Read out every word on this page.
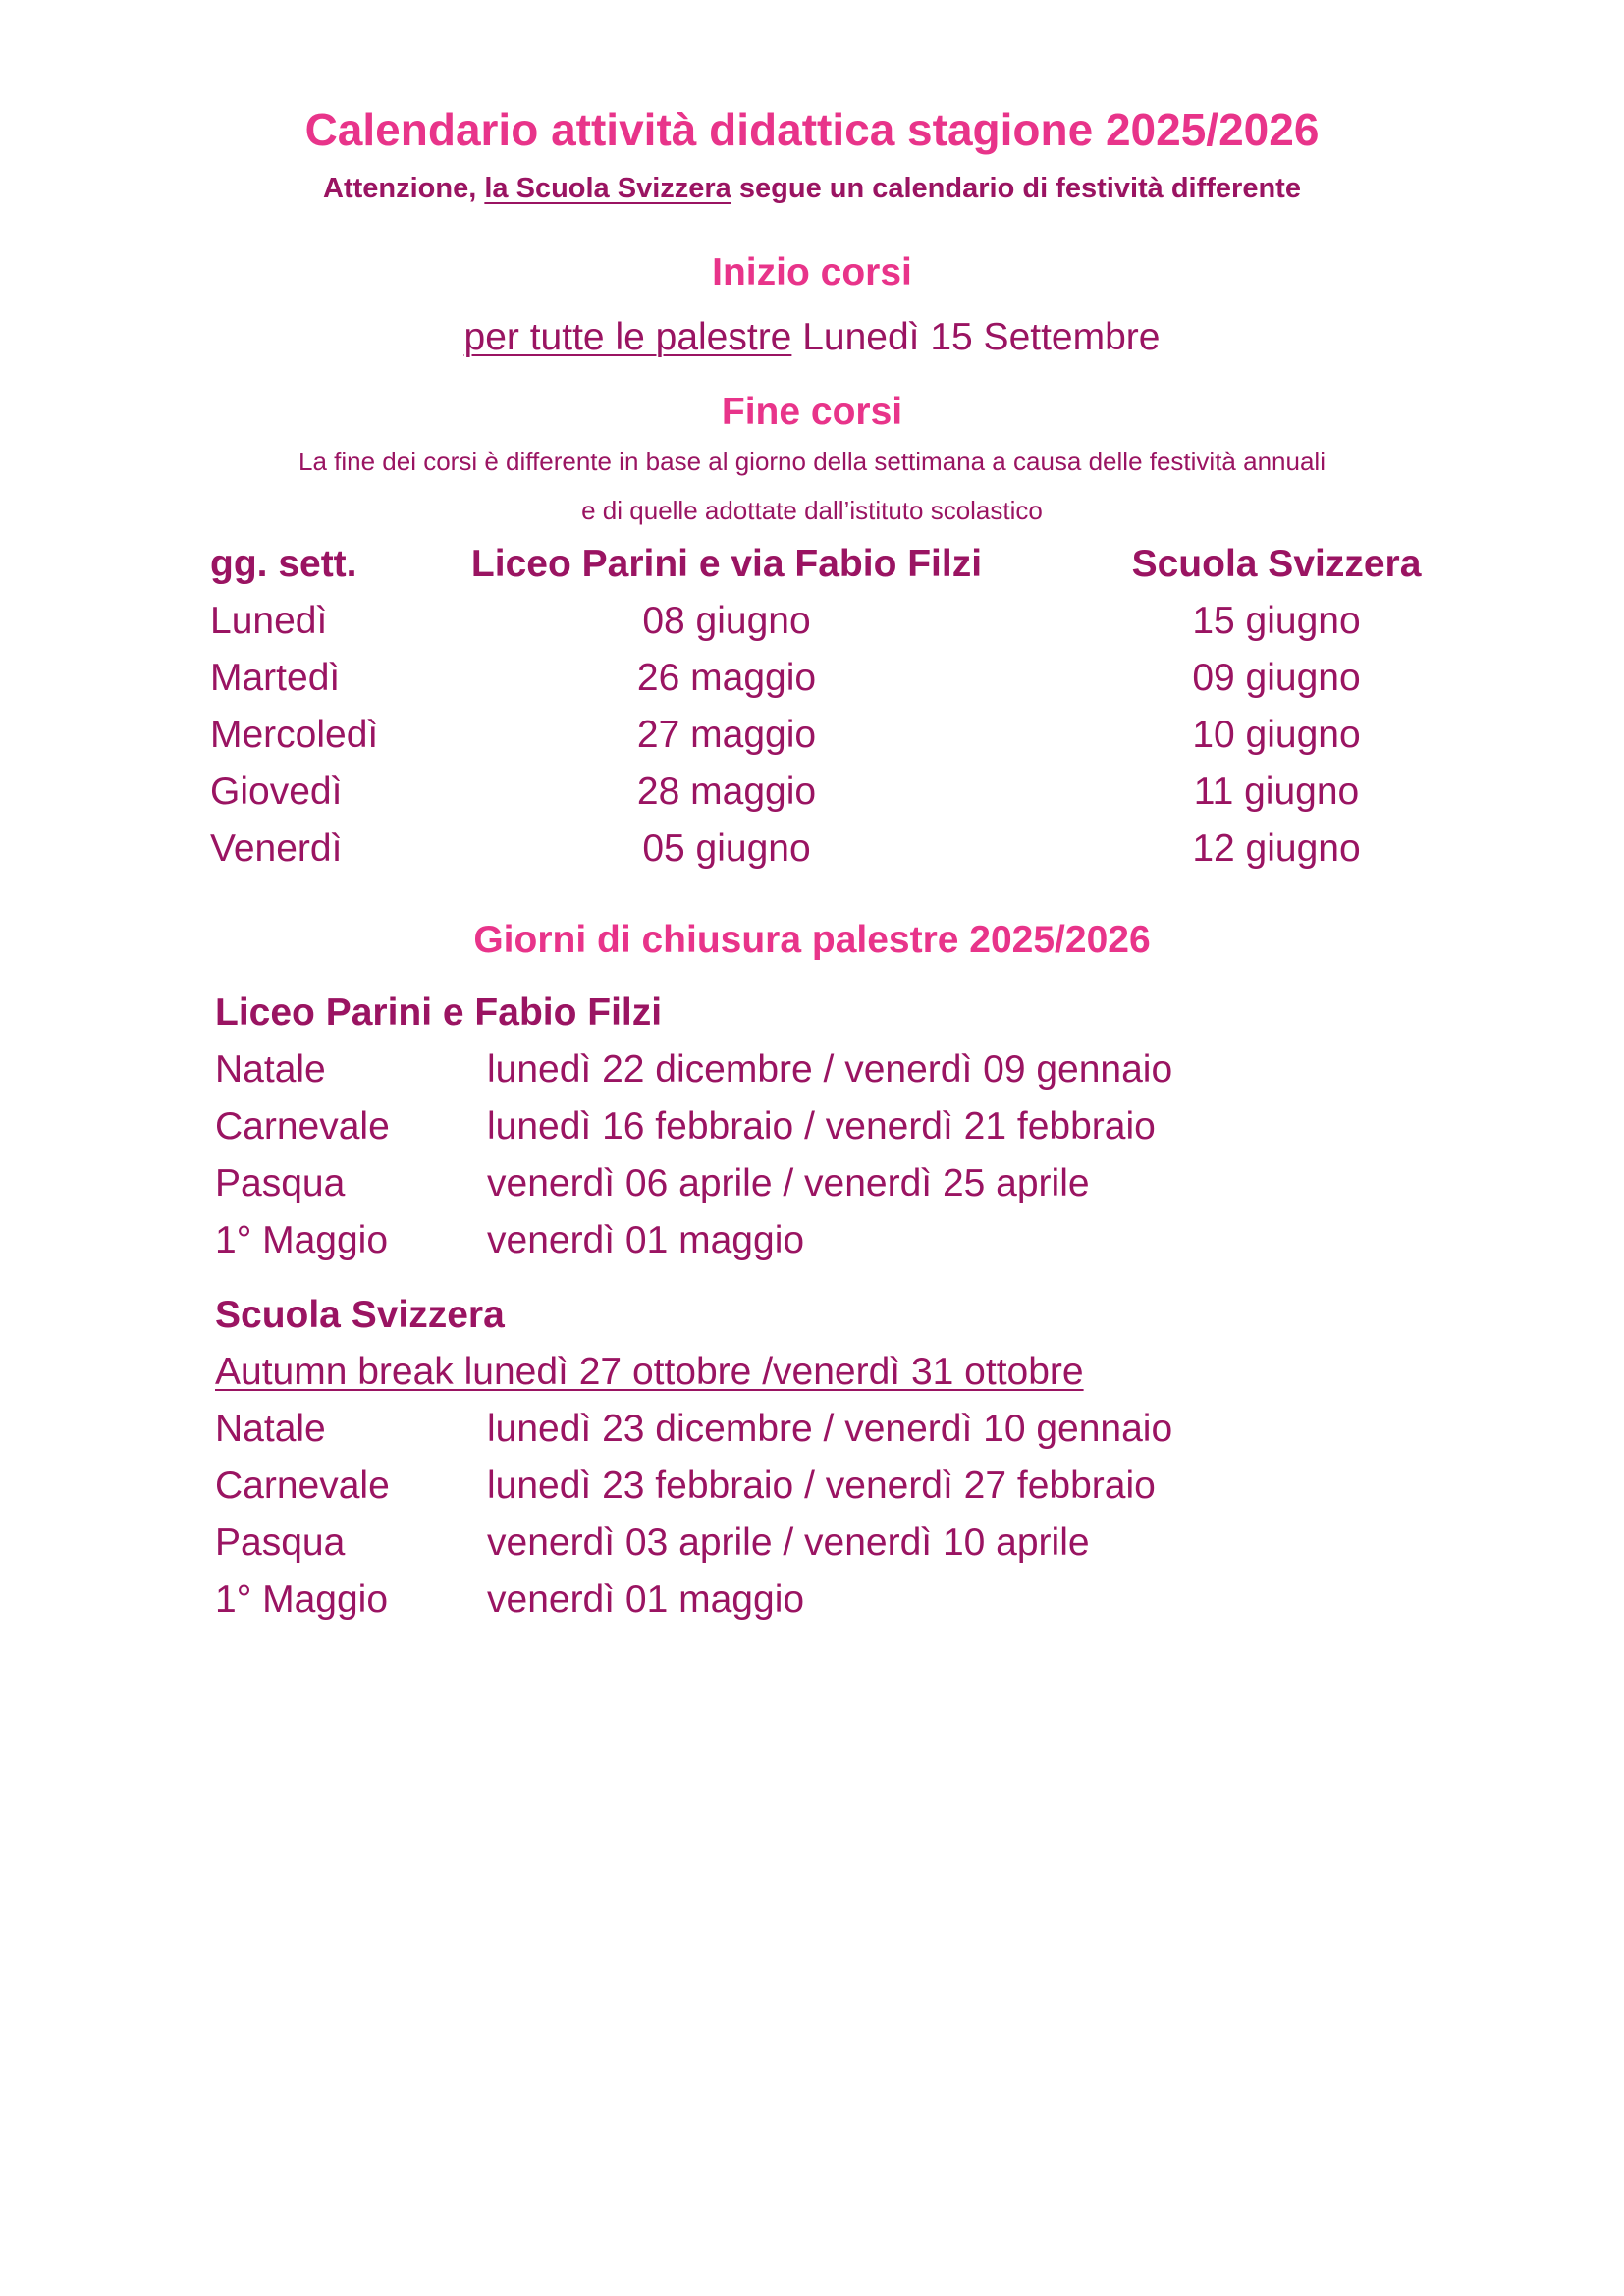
Calendario attività didattica stagione 2025/2026
Attenzione, la Scuola Svizzera segue un calendario di festività differente
Inizio corsi
per tutte le palestre Lunedì 15 Settembre
Fine corsi
La fine dei corsi è differente in base al giorno della settimana a causa delle festività annuali
e di quelle adottate dall’istituto scolastico
gg. sett.	Liceo Parini e via Fabio Filzi	Scuola Svizzera
Lunedì	08 giugno	15 giugno
Martedì	26 maggio	09 giugno
Mercoledì	27 maggio	10 giugno
Giovedì	28 maggio	11 giugno
Venerdì	05 giugno	12 giugno
Giorni di chiusura palestre 2025/2026
Liceo Parini e Fabio Filzi
Natale	lunedì 22 dicembre / venerdì 09 gennaio
Carnevale	lunedì 16 febbraio / venerdì 21 febbraio
Pasqua	venerdì 06 aprile / venerdì 25 aprile
1° Maggio	venerdì 01 maggio
Scuola Svizzera
Autumn break lunedì 27 ottobre /venerdì 31 ottobre
Natale	lunedì 23 dicembre / venerdì 10 gennaio
Carnevale	lunedì 23 febbraio / venerdì 27 febbraio
Pasqua	venerdì 03 aprile / venerdì 10 aprile
1° Maggio	venerdì 01 maggio
